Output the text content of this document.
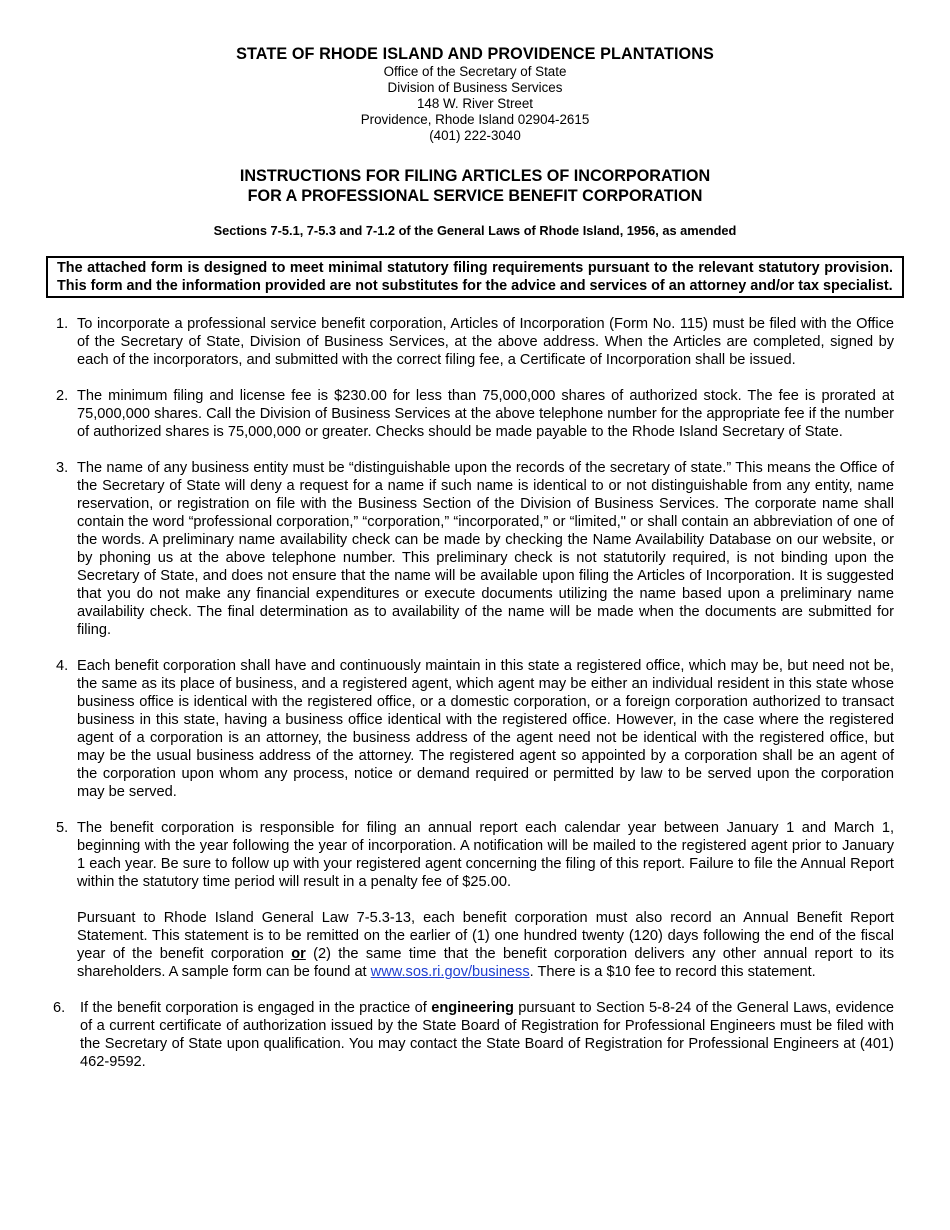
STATE OF RHODE ISLAND AND PROVIDENCE PLANTATIONS
Office of the Secretary of State
Division of Business Services
148 W. River Street
Providence, Rhode Island 02904-2615
(401) 222-3040
INSTRUCTIONS FOR FILING ARTICLES OF INCORPORATION
FOR A PROFESSIONAL SERVICE BENEFIT CORPORATION
Sections 7-5.1, 7-5.3 and 7-1.2 of the General Laws of Rhode Island, 1956, as amended
The attached form is designed to meet minimal statutory filing requirements pursuant to the relevant statutory provision. This form and the information provided are not substitutes for the advice and services of an attorney and/or tax specialist.
1. To incorporate a professional service benefit corporation, Articles of Incorporation (Form No. 115) must be filed with the Office of the Secretary of State, Division of Business Services, at the above address. When the Articles are completed, signed by each of the incorporators, and submitted with the correct filing fee, a Certificate of Incorporation shall be issued.

2. The minimum filing and license fee is $230.00 for less than 75,000,000 shares of authorized stock. The fee is prorated at 75,000,000 shares. Call the Division of Business Services at the above telephone number for the appropriate fee if the number of authorized shares is 75,000,000 or greater. Checks should be made payable to the Rhode Island Secretary of State.

3. The name of any business entity must be “distinguishable upon the records of the secretary of state.” This means the Office of the Secretary of State will deny a request for a name if such name is identical to or not distinguishable from any entity, name reservation, or registration on file with the Business Section of the Division of Business Services. The corporate name shall contain the word “professional corporation,” “corporation,” “incorporated,” or “limited," or shall contain an abbreviation of one of the words. A preliminary name availability check can be made by checking the Name Availability Database on our website, or by phoning us at the above telephone number. This preliminary check is not statutorily required, is not binding upon the Secretary of State, and does not ensure that the name will be available upon filing the Articles of Incorporation. It is suggested that you do not make any financial expenditures or execute documents utilizing the name based upon a preliminary name availability check. The final determination as to availability of the name will be made when the documents are submitted for filing.

4. Each benefit corporation shall have and continuously maintain in this state a registered office, which may be, but need not be, the same as its place of business, and a registered agent, which agent may be either an individual resident in this state whose business office is identical with the registered office, or a domestic corporation, or a foreign corporation authorized to transact business in this state, having a business office identical with the registered office. However, in the case where the registered agent of a corporation is an attorney, the business address of the agent need not be identical with the registered office, but may be the usual business address of the attorney. The registered agent so appointed by a corporation shall be an agent of the corporation upon whom any process, notice or demand required or permitted by law to be served upon the corporation may be served.

5. The benefit corporation is responsible for filing an annual report each calendar year between January 1 and March 1, beginning with the year following the year of incorporation. A notification will be mailed to the registered agent prior to January 1 each year. Be sure to follow up with your registered agent concerning the filing of this report. Failure to file the Annual Report within the statutory time period will result in a penalty fee of $25.00.

Pursuant to Rhode Island General Law 7-5.3-13, each benefit corporation must also record an Annual Benefit Report Statement. This statement is to be remitted on the earlier of (1) one hundred twenty (120) days following the end of the fiscal year of the benefit corporation or (2) the same time that the benefit corporation delivers any other annual report to its shareholders. A sample form can be found at www.sos.ri.gov/business. There is a $10 fee to record this statement.

6.	If the benefit corporation is engaged in the practice of engineering pursuant to Section 5-8-24 of the General Laws, evidence of a current certificate of authorization issued by the State Board of Registration for Professional Engineers must be filed with the Secretary of State upon qualification. You may contact the State Board of Registration for Professional Engineers at (401) 462-9592.
